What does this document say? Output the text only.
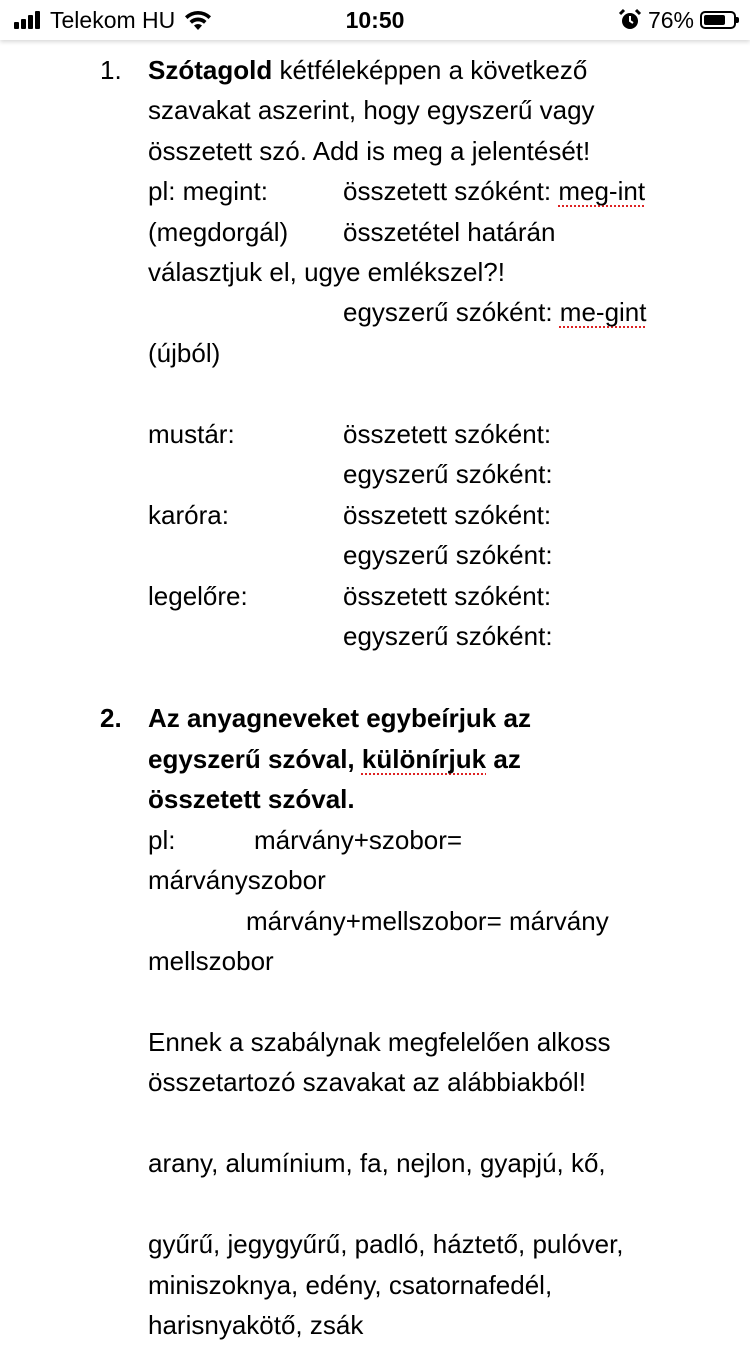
Telekom HU	10:50	76%
1. Szótagold kétféleképpen a következő
szavakat aszerint, hogy egyszerű vagy
összetett szó. Add is meg a jelentését!
pl: megint:	összetett szóként: meg-int
(megdorgál) összetétel határán
választjuk el, ugye emlékszel?!
egyszerű szóként: me-gint
(újból)
mustár:	összetett szóként:
egyszerű szóként:
karóra:	összetett szóként:
egyszerű szóként:
legelőre:	összetett szóként:
egyszerű szóként:
2. Az anyagneveket egybeírjuk az
egyszerű szóval, különírjuk az
összetett szóval.
pl:	márvány+szobor=
márványszobor
márvány+mellszobor= márvány
mellszobor
Ennek a szabálynak megfelelően alkoss
összetartozó szavakat az alábbiakból!
arany, alumínium, fa, nejlon, gyapjú, kő,
gyűrű, jegygyűrű, padló, háztető, pulóver,
miniszoknya, edény, csatornafedél,
harisnyakötő, zsák
